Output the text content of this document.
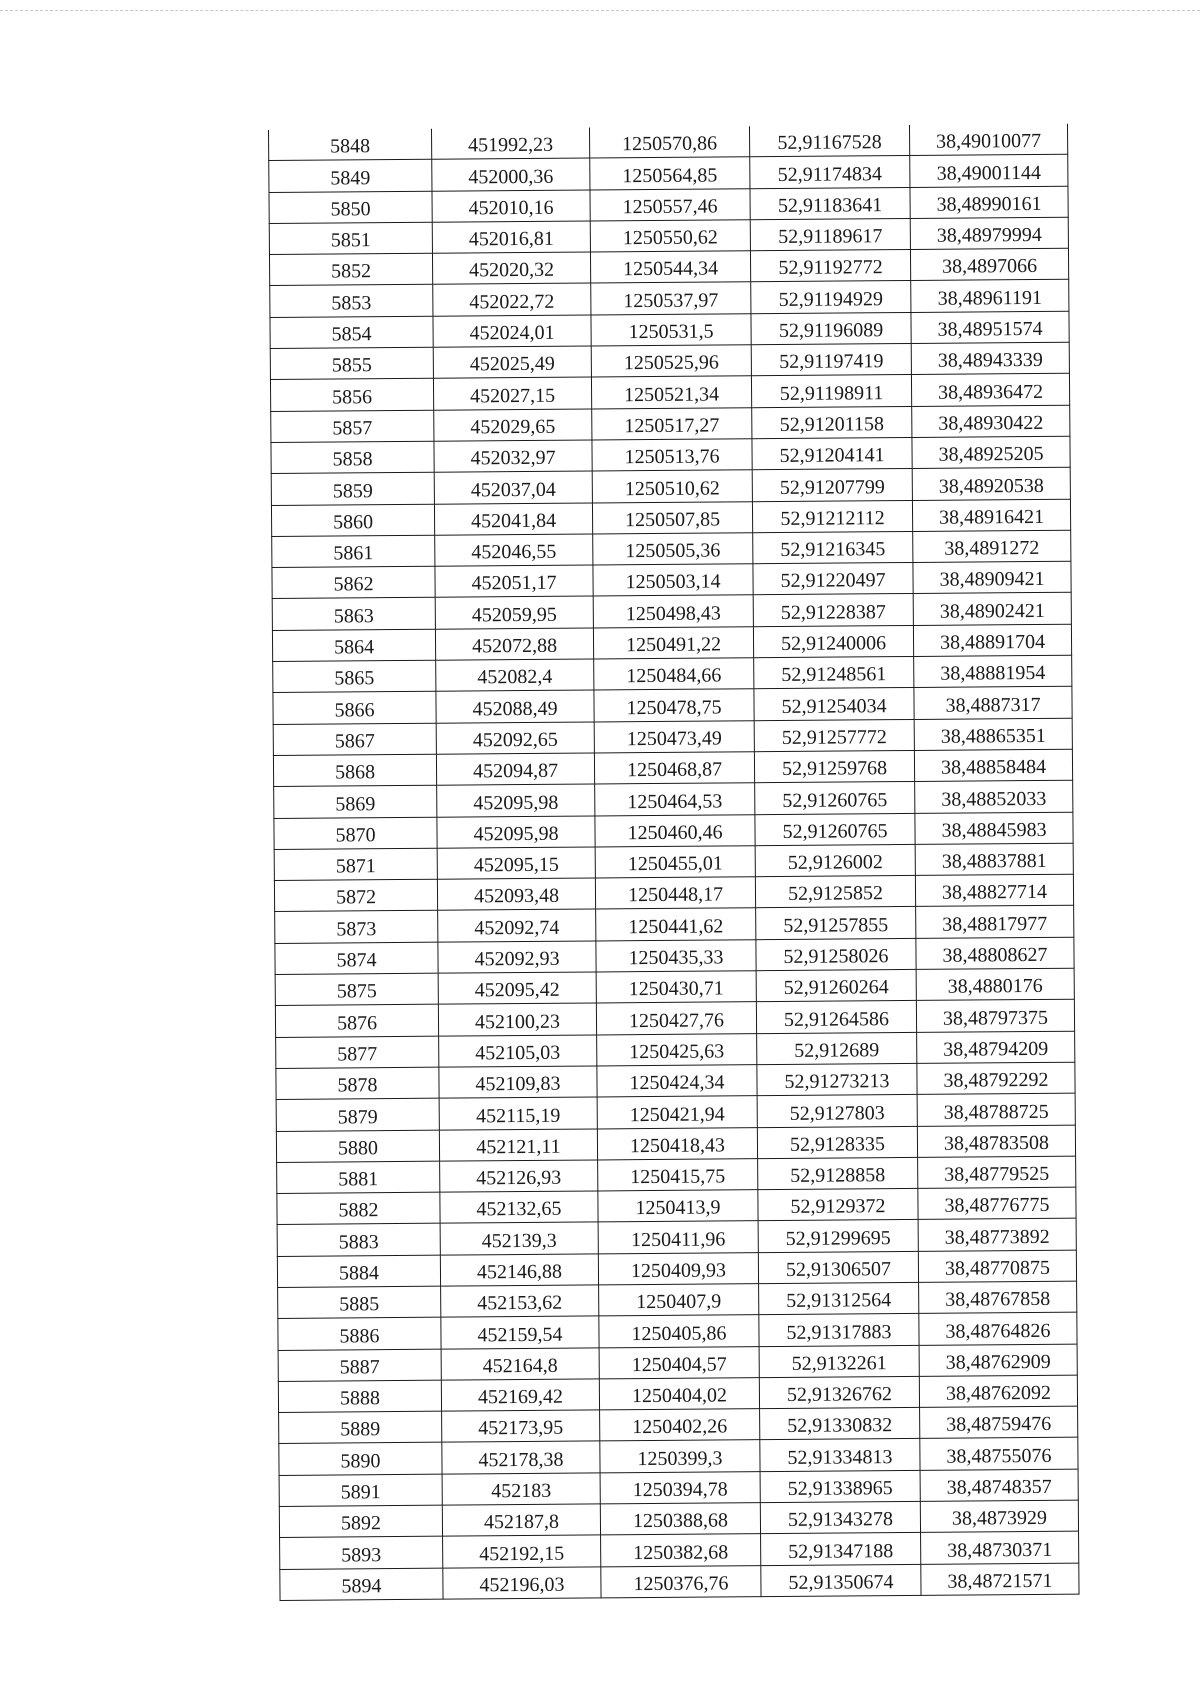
5848	451992,23	1250570,86	52,91167528	38,49010077
5849	452000,36	1250564,85	52,91174834	38,49001144
5850	452010,16	1250557,46	52,91183641	38,48990161
5851	452016,81	1250550,62	52,91189617	38,48979994
5852	452020,32	1250544,34	52,91192772	38,4897066
5853	452022,72	1250537,97	52,91194929	38,48961191
5854	452024,01	1250531,5	52,91196089	38,48951574
5855	452025,49	1250525,96	52,91197419	38,48943339
5856	452027,15	1250521,34	52,91198911	38,48936472
5857	452029,65	1250517,27	52,91201158	38,48930422
5858	452032,97	1250513,76	52,91204141	38,48925205
5859	452037,04	1250510,62	52,91207799	38,48920538
5860	452041,84	1250507,85	52,91212112	38,48916421
5861	452046,55	1250505,36	52,91216345	38,4891272
5862	452051,17	1250503,14	52,91220497	38,48909421
5863	452059,95	1250498,43	52,91228387	38,48902421
5864	452072,88	1250491,22	52,91240006	38,48891704
5865	452082,4	1250484,66	52,91248561	38,48881954
5866	452088,49	1250478,75	52,91254034	38,4887317
5867	452092,65	1250473,49	52,91257772	38,48865351
5868	452094,87	1250468,87	52,91259768	38,48858484
5869	452095,98	1250464,53	52,91260765	38,48852033
5870	452095,98	1250460,46	52,91260765	38,48845983
5871	452095,15	1250455,01	52,9126002	38,48837881
5872	452093,48	1250448,17	52,9125852	38,48827714
5873	452092,74	1250441,62	52,91257855	38,48817977
5874	452092,93	1250435,33	52,91258026	38,48808627
5875	452095,42	1250430,71	52,91260264	38,4880176
5876	452100,23	1250427,76	52,91264586	38,48797375
5877	452105,03	1250425,63	52,912689	38,48794209
5878	452109,83	1250424,34	52,91273213	38,48792292
5879	452115,19	1250421,94	52,9127803	38,48788725
5880	452121,11	1250418,43	52,9128335	38,48783508
5881	452126,93	1250415,75	52,9128858	38,48779525
5882	452132,65	1250413,9	52,9129372	38,48776775
5883	452139,3	1250411,96	52,91299695	38,48773892
5884	452146,88	1250409,93	52,91306507	38,48770875
5885	452153,62	1250407,9	52,91312564	38,48767858
5886	452159,54	1250405,86	52,91317883	38,48764826
5887	452164,8	1250404,57	52,9132261	38,48762909
5888	452169,42	1250404,02	52,91326762	38,48762092
5889	452173,95	1250402,26	52,91330832	38,48759476
5890	452178,38	1250399,3	52,91334813	38,48755076
5891	452183	1250394,78	52,91338965	38,48748357
5892	452187,8	1250388,68	52,91343278	38,4873929
5893	452192,15	1250382,68	52,91347188	38,48730371
5894	452196,03	1250376,76	52,91350674	38,48721571
